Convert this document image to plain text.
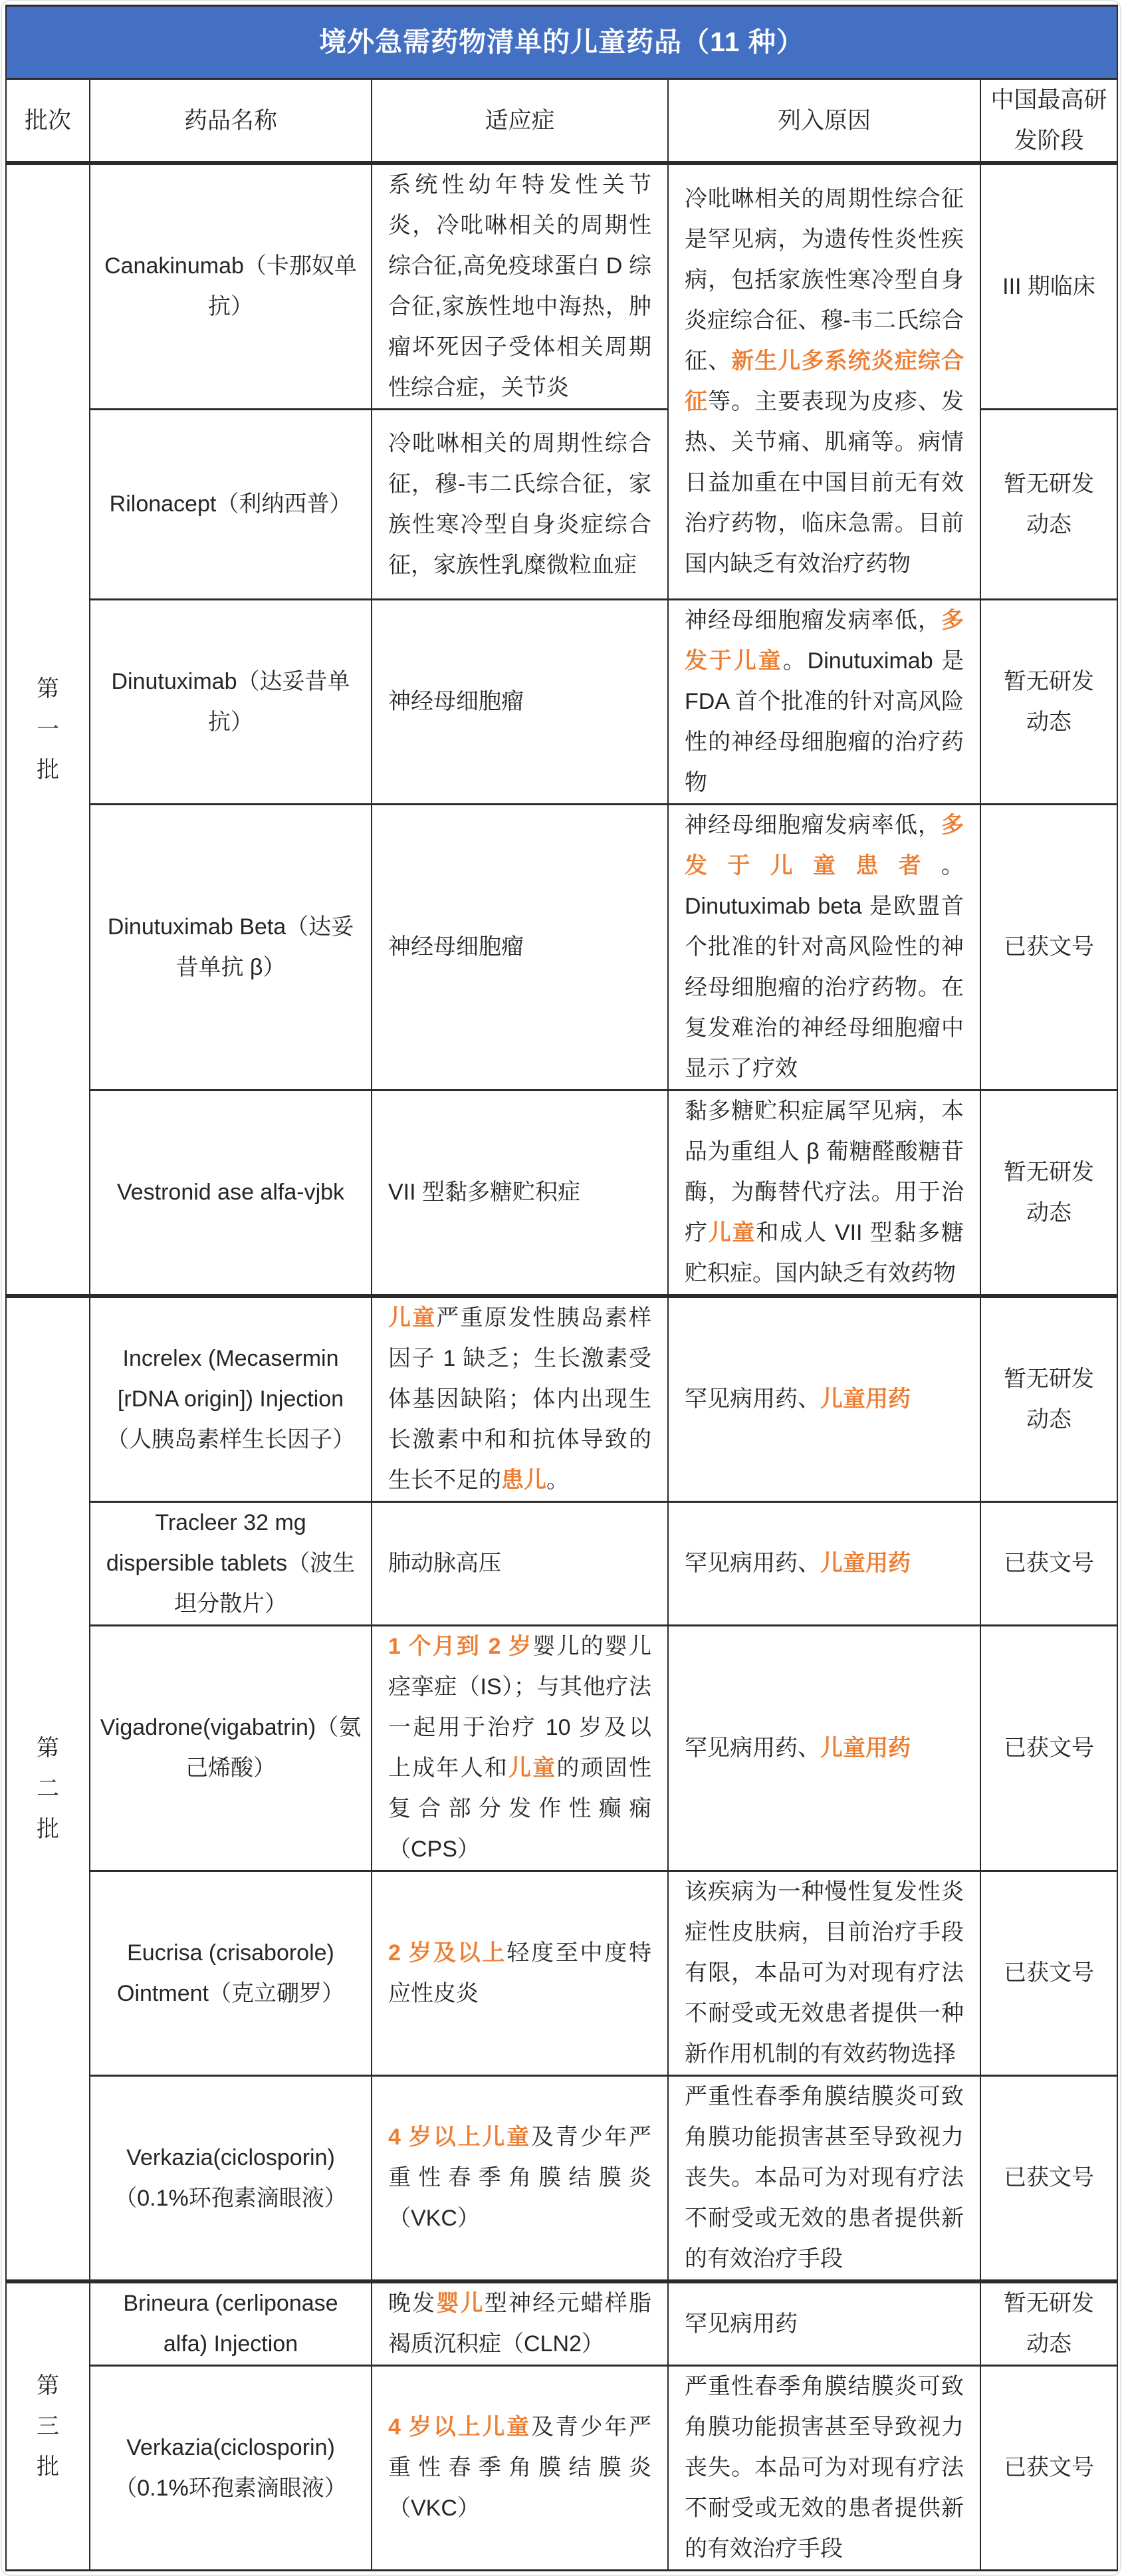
境外急需药物清单的儿童药品（11 种）				
批次	药品名称	适应症	列入原因	中国最高研发阶段

第一批	Canakinumab（卡那奴单抗）	系统性幼年特发性关节炎，冷吡啉相关的周期性综合征,高免疫球蛋白 D 综合征,家族性地中海热，肿瘤坏死因子受体相关周期性综合症，关节炎	冷吡啉相关的周期性综合征是罕见病，为遗传性炎性疾病，包括家族性寒冷型自身炎症综合征、穆-韦二氏综合征、新生儿多系统炎症综合征等。主要表现为皮疹、发热、关节痛、肌痛等。病情日益加重在中国目前无有效治疗药物，临床急需。目前国内缺乏有效治疗药物	III 期临床
	Rilonacept（利纳西普）	冷吡啉相关的周期性综合征，穆-韦二氏综合征，家族性寒冷型自身炎症综合征，家族性乳糜微粒血症		暂无研发动态
	Dinutuximab（达妥昔单抗）	神经母细胞瘤	神经母细胞瘤发病率低，多发于儿童。Dinutuximab 是 FDA 首个批准的针对高风险性的神经母细胞瘤的治疗药物	暂无研发动态
	Dinutuximab Beta（达妥昔单抗 β）	神经母细胞瘤	神经母细胞瘤发病率低，多发于儿童患者。Dinutuximab beta 是欧盟首个批准的针对高风险性的神经母细胞瘤的治疗药物。在复发难治的神经母细胞瘤中显示了疗效	已获文号
	Vestronid ase alfa-vjbk	VII 型黏多糖贮积症	黏多糖贮积症属罕见病，本品为重组人 β 葡糖醛酸糖苷酶，为酶替代疗法。用于治疗儿童和成人 VII 型黏多糖贮积症。国内缺乏有效药物	暂无研发动态

第二批	Increlex (Mecasermin [rDNA origin]) Injection（人胰岛素样生长因子）	儿童严重原发性胰岛素样因子 1 缺乏；生长激素受体基因缺陷；体内出现生长激素中和和抗体导致的生长不足的患儿。	罕见病用药、儿童用药	暂无研发动态
	Tracleer 32 mg dispersible tablets（波生坦分散片）	肺动脉高压	罕见病用药、儿童用药	已获文号
	Vigadrone(vigabatrin)（氨己烯酸）	1 个月到 2 岁婴儿的婴儿痉挛症（IS）；与其他疗法一起用于治疗 10 岁及以上成年人和儿童的顽固性复合部分发作性癫痫（CPS）	罕见病用药、儿童用药	已获文号
	Eucrisa (crisaborole) Ointment（克立硼罗）	2 岁及以上轻度至中度特应性皮炎	该疾病为一种慢性复发性炎症性皮肤病，目前治疗手段有限，本品可为对现有疗法不耐受或无效患者提供一种新作用机制的有效药物选择	已获文号
	Verkazia(ciclosporin)（0.1%环孢素滴眼液）	4 岁以上儿童及青少年严重性春季角膜结膜炎（VKC）	严重性春季角膜结膜炎可致角膜功能损害甚至导致视力丧失。本品可为对现有疗法不耐受或无效的患者提供新的有效治疗手段	已获文号

第三批	Brineura (cerliponase alfa) Injection	晚发婴儿型神经元蜡样脂褐质沉积症（CLN2）	罕见病用药	暂无研发动态
	Verkazia(ciclosporin)（0.1%环孢素滴眼液）	4 岁以上儿童及青少年严重性春季角膜结膜炎（VKC）	严重性春季角膜结膜炎可致角膜功能损害甚至导致视力丧失。本品可为对现有疗法不耐受或无效的患者提供新的有效治疗手段	已获文号
